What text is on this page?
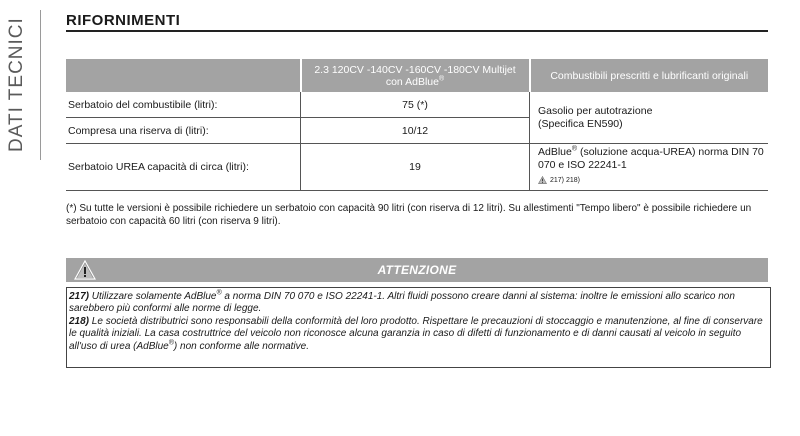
DATI TECNICI	RIFORNIMENTI
	2.3 120CV -140CV -160CV -180CV Multijet con AdBlue®	Combustibili prescritti e lubrificanti originali
Serbatoio del combustibile (litri):	75 (*)	Gasolio per autotrazione
(Specifica EN590)

Compresa una riserva di (litri):	10/12	
Serbatoio UREA capacità di circa (litri):	19	AdBlue® (soluzione acqua-UREA) norma DIN 70 070 e ISO 22241-1
217) 218)
(*) Su tutte le versioni è possibile richiedere un serbatoio con capacità 90 litri (con riserva di 12 litri). Su allestimenti "Tempo libero" è possibile richiedere un serbatoio con capacità 60 litri (con riserva 9 litri).
ATTENZIONE

217) Utilizzare solamente AdBlue® a norma DIN 70 070 e ISO 22241-1. Altri fluidi possono creare danni al sistema: inoltre le emissioni allo scarico non sarebbero più conformi alle norme di legge.

218) Le società distributrici sono responsabili della conformità del loro prodotto. Rispettare le precauzioni di stoccaggio e manutenzione, al fine di conservare le qualità iniziali. La casa costruttrice del veicolo non riconosce alcuna garanzia in caso di difetti di funzionamento e di danni causati al veicolo in seguito all'uso di urea (AdBlue®) non conforme alle normative.
